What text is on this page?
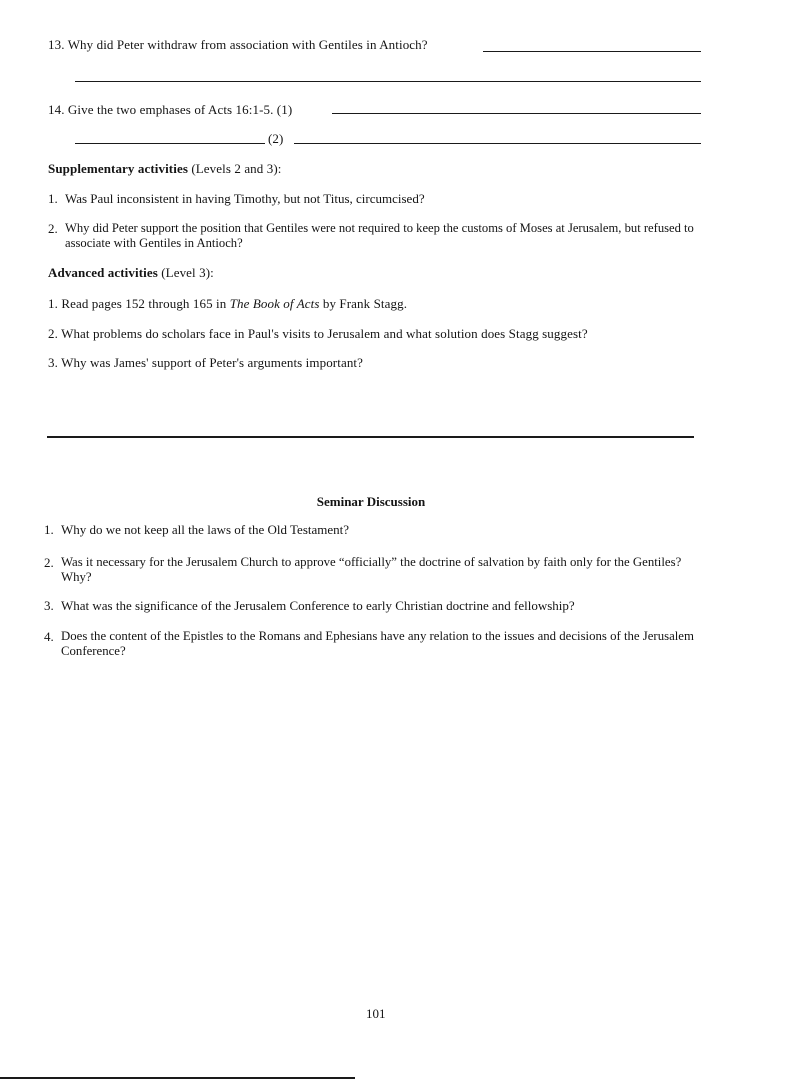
13. Why did Peter withdraw from association with Gentiles in Antioch?
14. Give the two emphases of Acts 16:1-5. (1)
(2)
Supplementary activities (Levels 2 and 3):
1. Was Paul inconsistent in having Timothy, but not Titus, circumcised?
2. Why did Peter support the position that Gentiles were not required to keep the customs of Moses at Jerusalem, but refused to associate with Gentiles in Antioch?
Advanced activities (Level 3):
1. Read pages 152 through 165 in The Book of Acts by Frank Stagg.
2. What problems do scholars face in Paul's visits to Jerusalem and what solution does Stagg suggest?
3. Why was James' support of Peter's arguments important?
Seminar Discussion
1. Why do we not keep all the laws of the Old Testament?
2. Was it necessary for the Jerusalem Church to approve “officially” the doctrine of salvation by faith only for the Gentiles? Why?
3. What was the significance of the Jerusalem Conference to early Christian doctrine and fellowship?
4. Does the content of the Epistles to the Romans and Ephesians have any relation to the issues and decisions of the Jerusalem Conference?
101
